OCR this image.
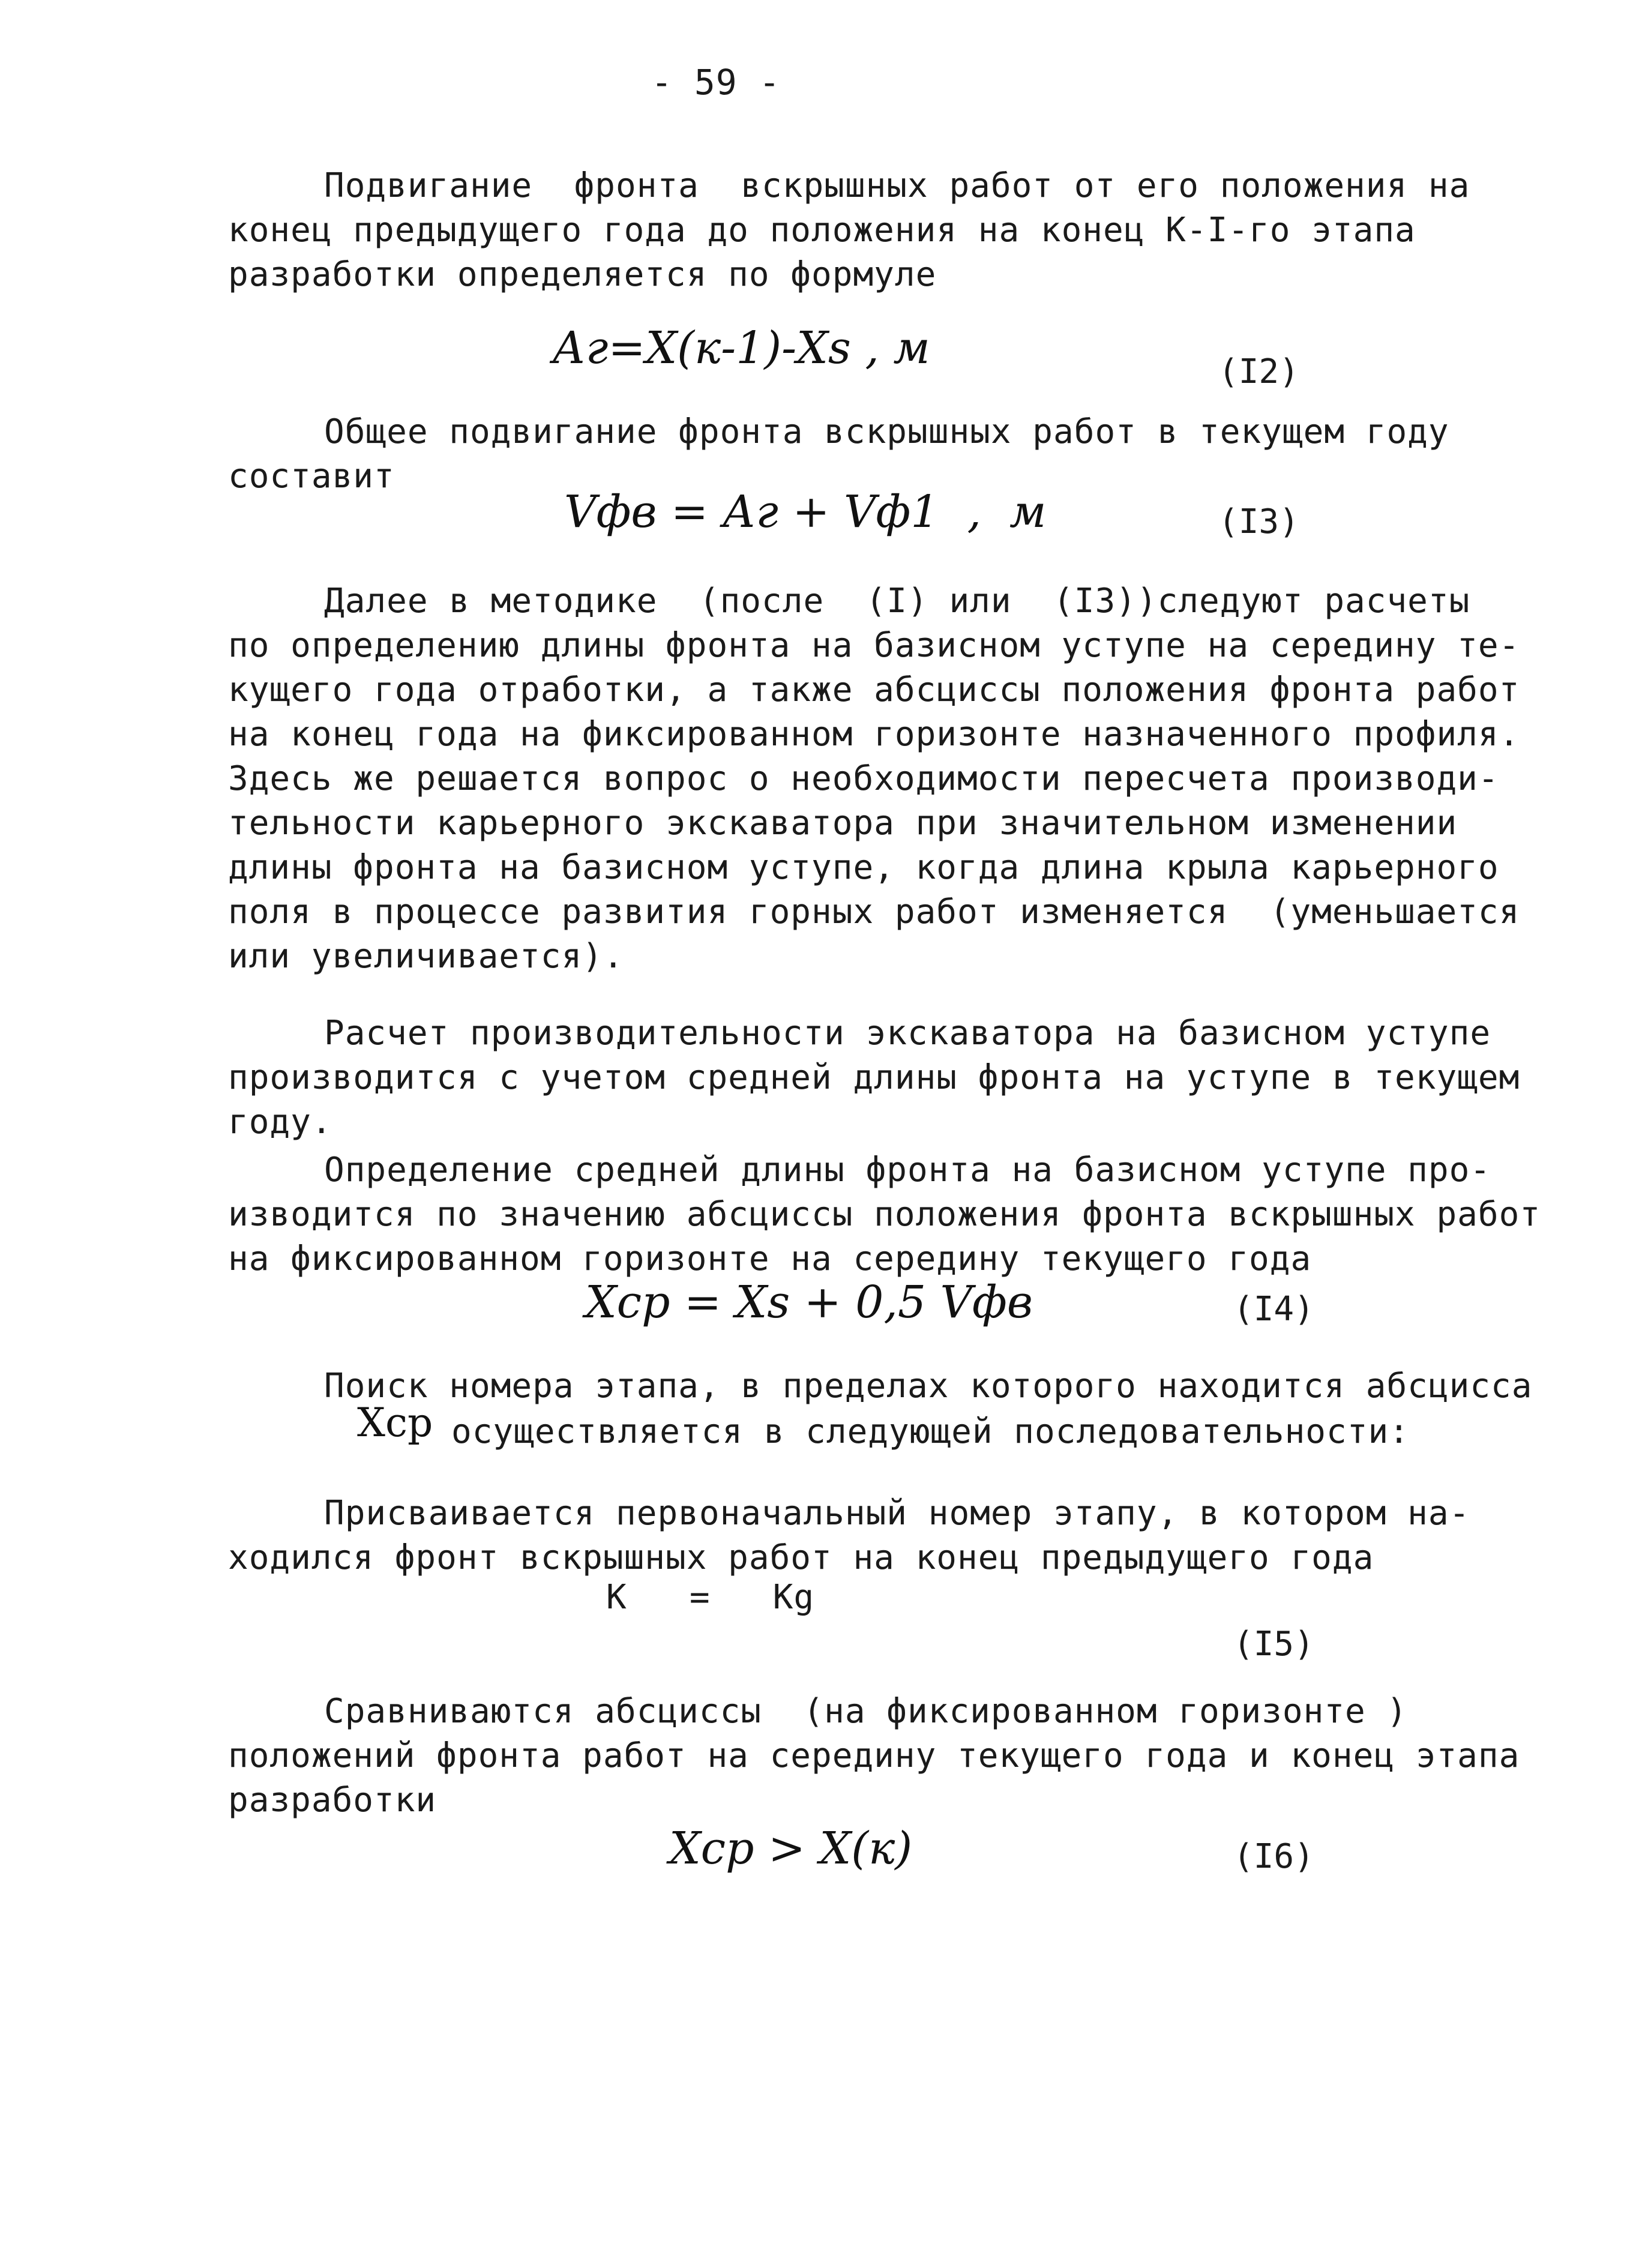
- 59 -
Подвигание  фронта  вскрышных работ от его положения на
конец предыдущего года до положения на конец К-I-го этапа
разработки определяется по формуле
Аг=Х(к-1)-Хs , м	(I2)
Общее подвигание фронта вскрышных работ в текущем году
составит
Vфв = Аг + Vф1  ,  м	(I3)
Далее в методике  (после  (I) или  (I3))следуют расчеты
по определению длины фронта на базисном уступе на середину те-
кущего года отработки, а также абсциссы положения фронта работ
на конец года на фиксированном горизонте назначенного профиля.
Здесь же решается вопрос о необходимости пересчета производи-
тельности карьерного экскаватора при значительном изменении
длины фронта на базисном уступе, когда длина крыла карьерного
поля в процессе развития горных работ изменяется  (уменьшается
или увеличивается).
Расчет производительности экскаватора на базисном уступе
производится с учетом средней длины фронта на уступе в текущем
году.
Определение средней длины фронта на базисном уступе про-
изводится по значению абсциссы положения фронта вскрышных работ
на фиксированном горизонте на середину текущего года
Хср = Хs + 0,5 Vфв	(I4)
Поиск номера этапа, в пределах которого находится абсцисса
Хср осуществляется в следующей последовательности:
Присваивается первоначальный номер этапу, в котором на-
ходился фронт вскрышных работ на конец предыдущего года
К   =   Кg
(I5)
Сравниваются абсциссы  (на фиксированном горизонте )
положений фронта работ на середину текущего года и конец этапа
разработки
Хср > Х(к)	(I6)
